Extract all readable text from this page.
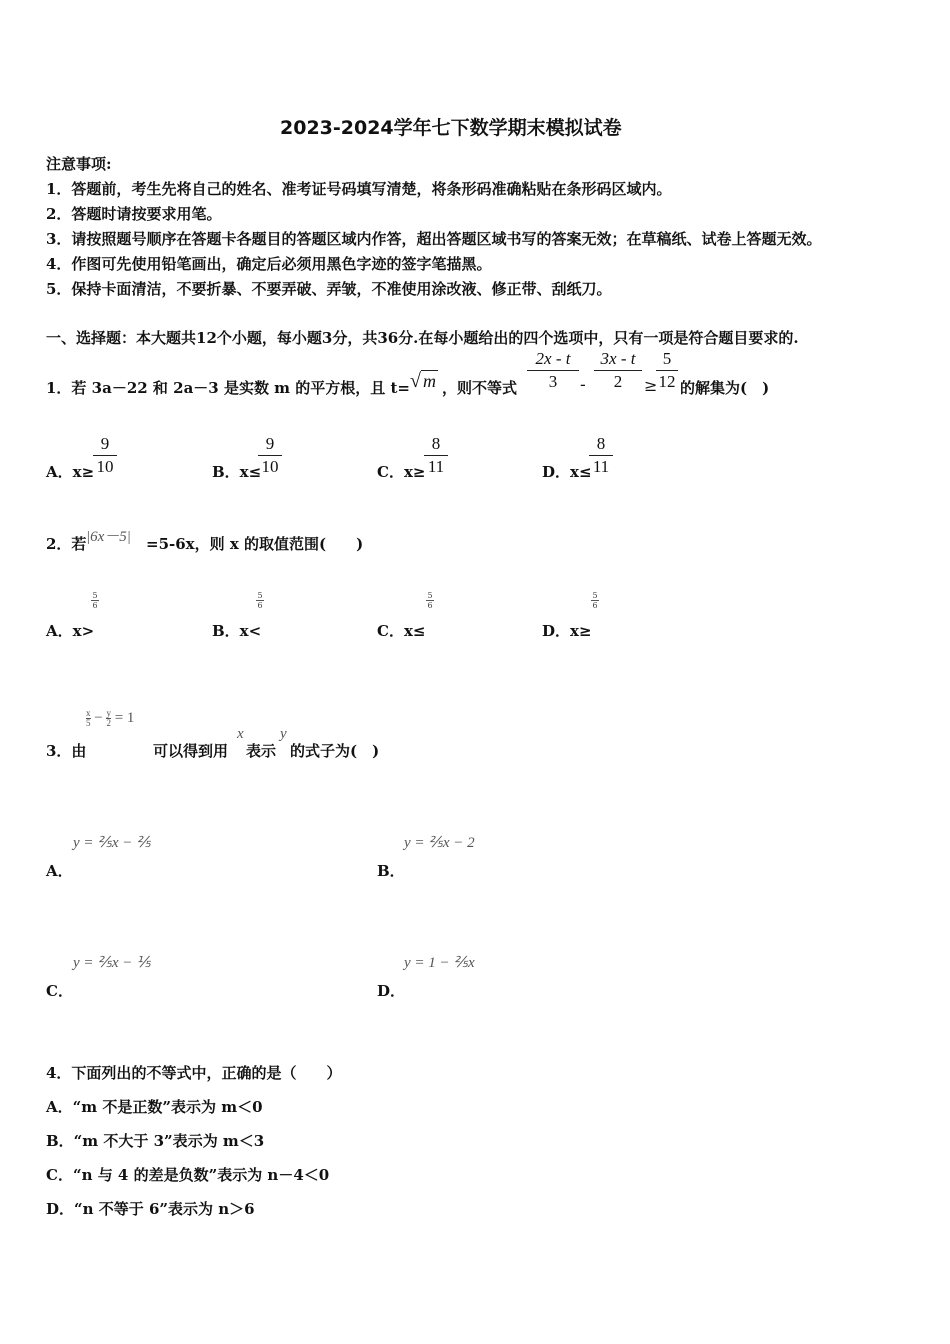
2023-2024学年七下数学期末模拟试卷
注意事项:
1．答题前，考生先将自己的姓名、准考证号码填写清楚，将条形码准确粘贴在条形码区域内。
2．答题时请按要求用笔。
3．请按照题号顺序在答题卡各题目的答题区域内作答，超出答题区域书写的答案无效；在草稿纸、试卷上答题无效。
4．作图可先使用铅笔画出，确定后必须用黑色字迹的签字笔描黑。
5．保持卡面清洁，不要折暴、不要弄破、弄皱，不准使用涂改液、修正带、刮纸刀。
一、选择题：本大题共12个小题，每小题3分，共36分.在每小题给出的四个选项中，只有一项是符合题目要求的.
1．若 3a－22 和 2a－3 是实数 m 的平方根，且 t= √ m ，则不等式
2x - t
3	-
3x - t
2	≥
5
12 的解集为(　)
A．x≥
9
10	B．x≤
9
10	C．x≥
8
11	D．x≤
8
11
2．若 |6x－5| =5-6x，则 x 的取值范围(　　)
A．x>
5
6
B．x<
5
6
C．x≤
5
6
D．x≥
5
6
$\frac{x}{5} - \frac{y}{2} = 1$
3．由	可以得到用
x
表示
y
的式子为(　)
A．
y = ⅖x − ⅖
B．
y = ⅖x − 2
C．
y = ⅖x − ⅕
D．
y = 1 − ⅖x
4．下面列出的不等式中，正确的是（　　）
A．“m 不是正数”表示为 m＜0
B．“m 不大于 3”表示为 m＜3
C．“n 与 4 的差是负数”表示为 n－4＜0
D．“n 不等于 6”表示为 n＞6
